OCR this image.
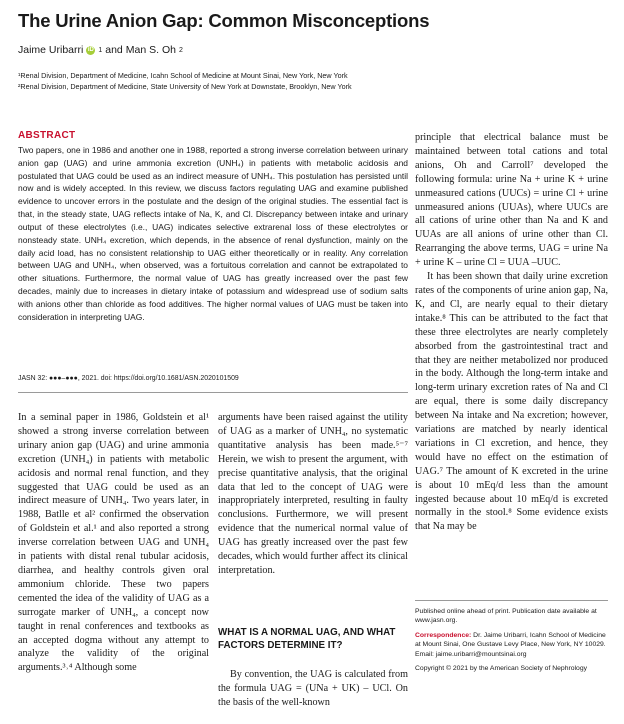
The Urine Anion Gap: Common Misconceptions
Jaime Uribarri iD 1 and Man S. Oh 2
¹Renal Division, Department of Medicine, Icahn School of Medicine at Mount Sinai, New York, New York
²Renal Division, Department of Medicine, State University of New York at Downstate, Brooklyn, New York
ABSTRACT

Two papers, one in 1986 and another one in 1988, reported a strong inverse correlation between urinary anion gap (UAG) and urine ammonia excretion (UNH₄) in patients with metabolic acidosis and postulated that UAG could be used as an indirect measure of UNH₄. This postulation has persisted until now and is widely accepted. In this review, we discuss factors regulating UAG and examine published evidence to uncover errors in the postulate and the design of the original studies. The essential fact is that, in the steady state, UAG reflects intake of Na, K, and Cl. Discrepancy between intake and urinary output of these electrolytes (i.e., UAG) indicates selective extrarenal loss of these electrolytes or nonsteady state. UNH₄ excretion, which depends, in the absence of renal dysfunction, mainly on the daily acid load, has no consistent relationship to UAG either theoretically or in reality. Any correlation between UAG and UNH₄, when observed, was a fortuitous correlation and cannot be extrapolated to other situations. Furthermore, the normal value of UAG has greatly increased over the past few decades, mainly due to increases in dietary intake of potassium and widespread use of sodium salts with anions other than chloride as food additives. The higher normal values of UAG must be taken into consideration in interpreting UAG.

JASN 32: ●●●–●●●, 2021. doi: https://doi.org/10.1681/ASN.2020101509

In a seminal paper in 1986, Goldstein et al¹ showed a strong inverse correlation between urinary anion gap (UAG) and urine ammonia excretion (UNH₄) in patients with metabolic acidosis and normal renal function, and they suggested that UAG could be used as an indirect measure of UNH₄. Two years later, in 1988, Batlle et al² confirmed the observation of Goldstein et al.¹ and also reported a strong inverse correlation between UAG and UNH₄ in patients with distal renal tubular acidosis, diarrhea, and healthy controls given oral ammonium chloride. These two papers cemented the idea of the validity of UAG as a surrogate marker of UNH₄, a concept now taught in renal conferences and textbooks as an accepted dogma without any attempt to analyze the validity of the original arguments.³˒⁴ Although some

arguments have been raised against the utility of UAG as a marker of UNH₄, no systematic quantitative analysis has been made.⁵⁻⁷ Herein, we wish to present the argument, with precise quantitative analysis, that the original data that led to the concept of UAG were inappropriately interpreted, resulting in faulty conclusions. Furthermore, we will present evidence that the numerical normal value of UAG has greatly increased over the past few decades, which would further affect its clinical interpretation.

WHAT IS A NORMAL UAG, AND WHAT FACTORS DETERMINE IT?

By convention, the UAG is calculated from the formula UAG = (UNa + UK) – UCl. On the basis of the well-known

principle that electrical balance must be maintained between total cations and total anions, Oh and Carroll⁷ developed the following formula: urine Na + urine K + urine unmeasured cations (UUCs) = urine Cl + urine unmeasured anions (UUAs), where UUCs are all cations of urine other than Na and K and UUAs are all anions of urine other than Cl. Rearranging the above terms, UAG = urine Na + urine K – urine Cl = UUA –UUC.

It has been shown that daily urine excretion rates of the components of urine anion gap, Na, K, and Cl, are nearly equal to their dietary intake.⁸ This can be attributed to the fact that these three electrolytes are nearly completely absorbed from the gastrointestinal tract and that they are neither metabolized nor produced in the body. Although the long-term intake and long-term urinary excretion rates of Na and Cl are equal, there is some daily discrepancy between Na intake and Na excretion; however, variations are matched by nearly identical variations in Cl excretion, and hence, they would have no effect on the estimation of UAG.⁷ The amount of K excreted in the urine is about 10 mEq/d less than the amount ingested because about 10 mEq/d is excreted normally in the stool.⁸ Some evidence exists that Na may be

Published online ahead of print. Publication date available at www.jasn.org.

Correspondence: Dr. Jaime Uribarri, Icahn School of Medicine at Mount Sinai, One Gustave Levy Place, New York, NY 10029. Email: jaime.uribarri@mountsinai.org

Copyright © 2021 by the American Society of Nephrology
